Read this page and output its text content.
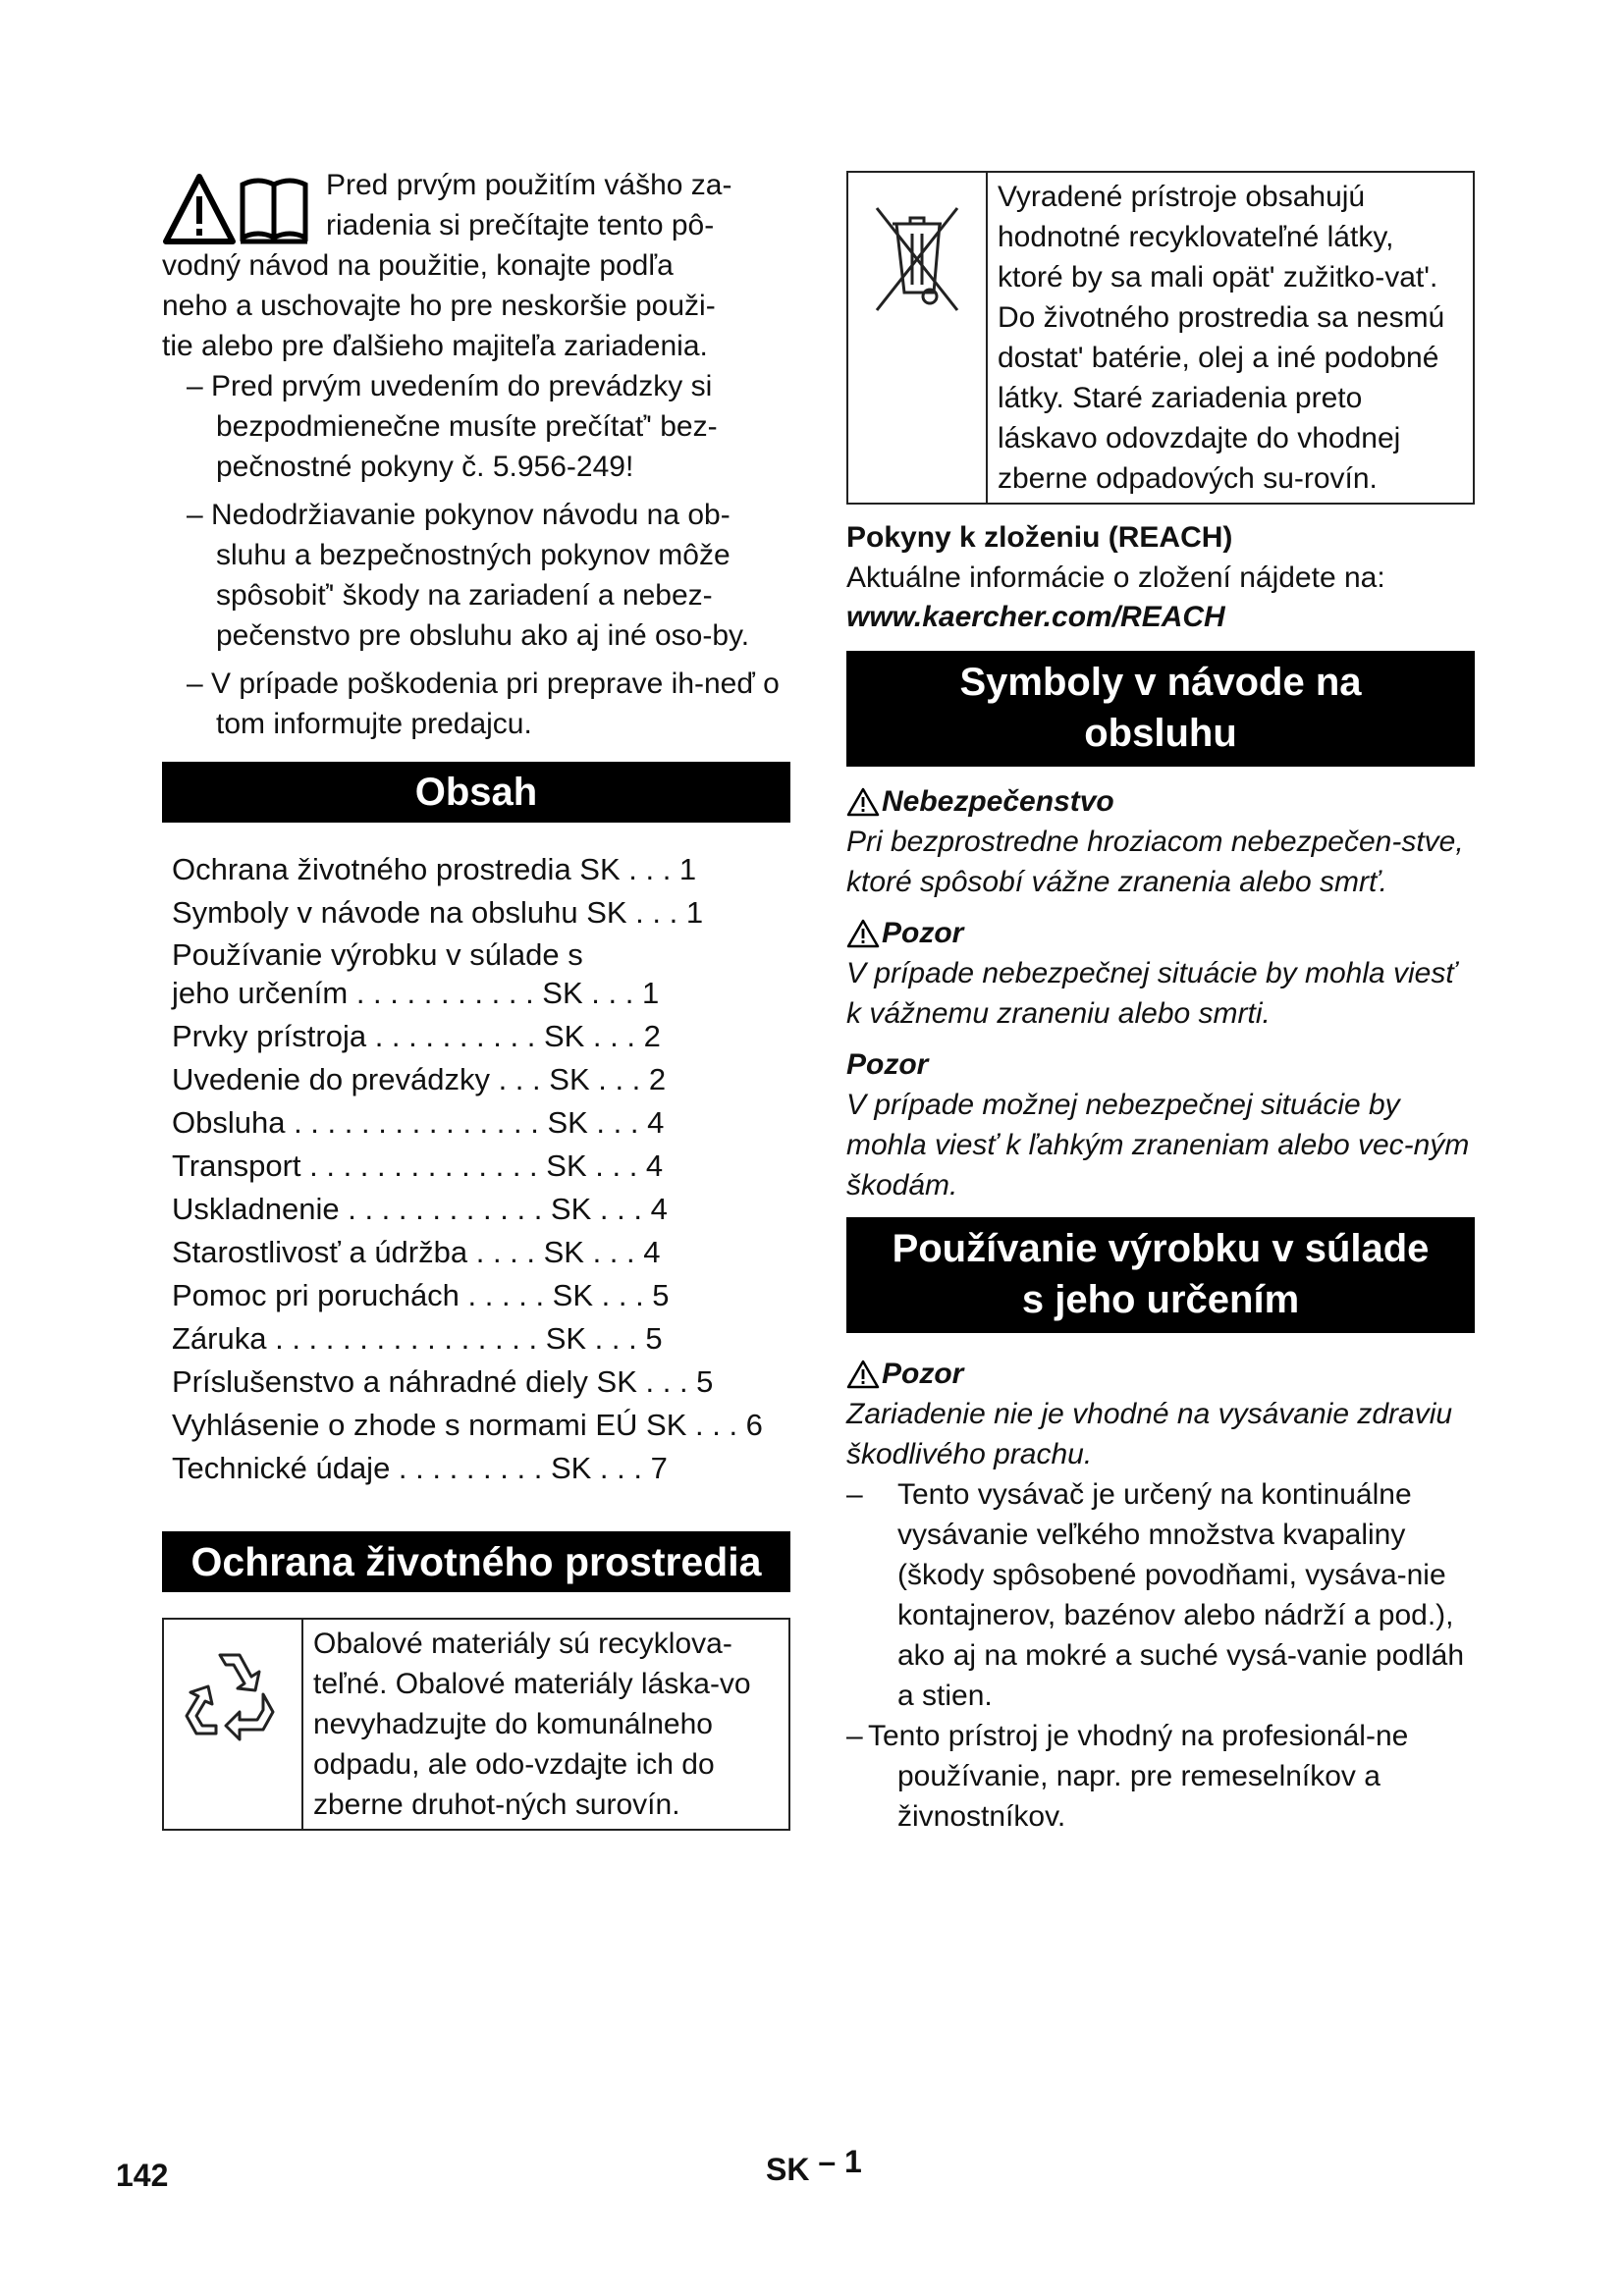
Pred prvým použitím vášho za-

riadenia si prečítajte tento pô-

vodný návod na použitie, konajte podľa

neho a uschovajte ho pre neskoršie použi-

tie alebo pre ďalšieho majiteľa zariadenia.

– Pred prvým uvedením do prevádzky si bezpodmienečne musíte prečítať' bez-pečnostné pokyny č. 5.956-249!
– Nedodržiavanie pokynov návodu na ob-sluhu a bezpečnostných pokynov môže spôsobiť' škody na zariadení a nebez-pečenstvo pre obsluhu ako aj iné oso-by.
– V prípade poškodenia pri preprave ih-neď o tom informujte predajcu.
Obsah
Ochrana životného prostredia SK . . . 1
Symboly v návode na obsluhu SK . . . 1
Používanie výrobku v súlade s
jeho určením . . . . . . . . . . . SK . . . 1
Prvky prístroja . . . . . . . . . . SK . . . 2
Uvedenie do prevádzky . . . SK . . . 2
Obsluha . . . . . . . . . . . . . . . SK . . . 4
Transport . . . . . . . . . . . . . . SK . . . 4
Uskladnenie . . . . . . . . . . . . SK . . . 4
Starostlivosť a údržba . . . . SK . . . 4
Pomoc pri poruchách . . . . . SK . . . 5
Záruka . . . . . . . . . . . . . . . . SK . . . 5
Príslušenstvo a náhradné diely SK . . . 5
Vyhlásenie o zhode s normami EÚ SK . . . 6
Technické údaje . . . . . . . . . SK . . . 7
Ochrana životného prostredia
Obalové materiály sú recyklova-teľné. Obalové materiály láska-vo nevyhadzujte do komunálneho odpadu, ale odo-vzdajte ich do zberne druhot-ných surovín.
Vyradené prístroje obsahujú hodnotné recyklovateľné látky, ktoré by sa mali opät' zužitko-vat'. Do životného prostredia sa nesmú dostat' batérie, olej a iné podobné látky. Staré zariadenia preto láskavo odovzdajte do vhodnej zberne odpadových su-rovín.

Pokyny k zloženiu (REACH)

Aktuálne informácie o zložení nájdete na:

www.kaercher.com/REACH

Symboly v návode na
obsluhu
Nebezpečenstvo

Pri bezprostredne hroziacom nebezpečen-stve, ktoré spôsobí vážne zranenia alebo smrť.

Pozor

V prípade nebezpečnej situácie by mohla viesť k vážnemu zraneniu alebo smrti.

Pozor

V prípade možnej nebezpečnej situácie by mohla viesť k ľahkým zraneniam alebo vec-ným škodám.

Používanie výrobku v súlade
s jeho určením
Pozor

Zariadenie nie je vhodné na vysávanie zdraviu škodlivého prachu.

– Tento vysávač je určený na kontinuálne vysávanie veľkého množstva kvapaliny (škody spôsobené povodňami, vysáva-nie kontajnerov, bazénov alebo nádrží a pod.), ako aj na mokré a suché vysá-vanie podláh a stien.
– Tento prístroj je vhodný na profesionál-ne používanie, napr. pre remeselníkov a živnostníkov.
142	SK – 1
